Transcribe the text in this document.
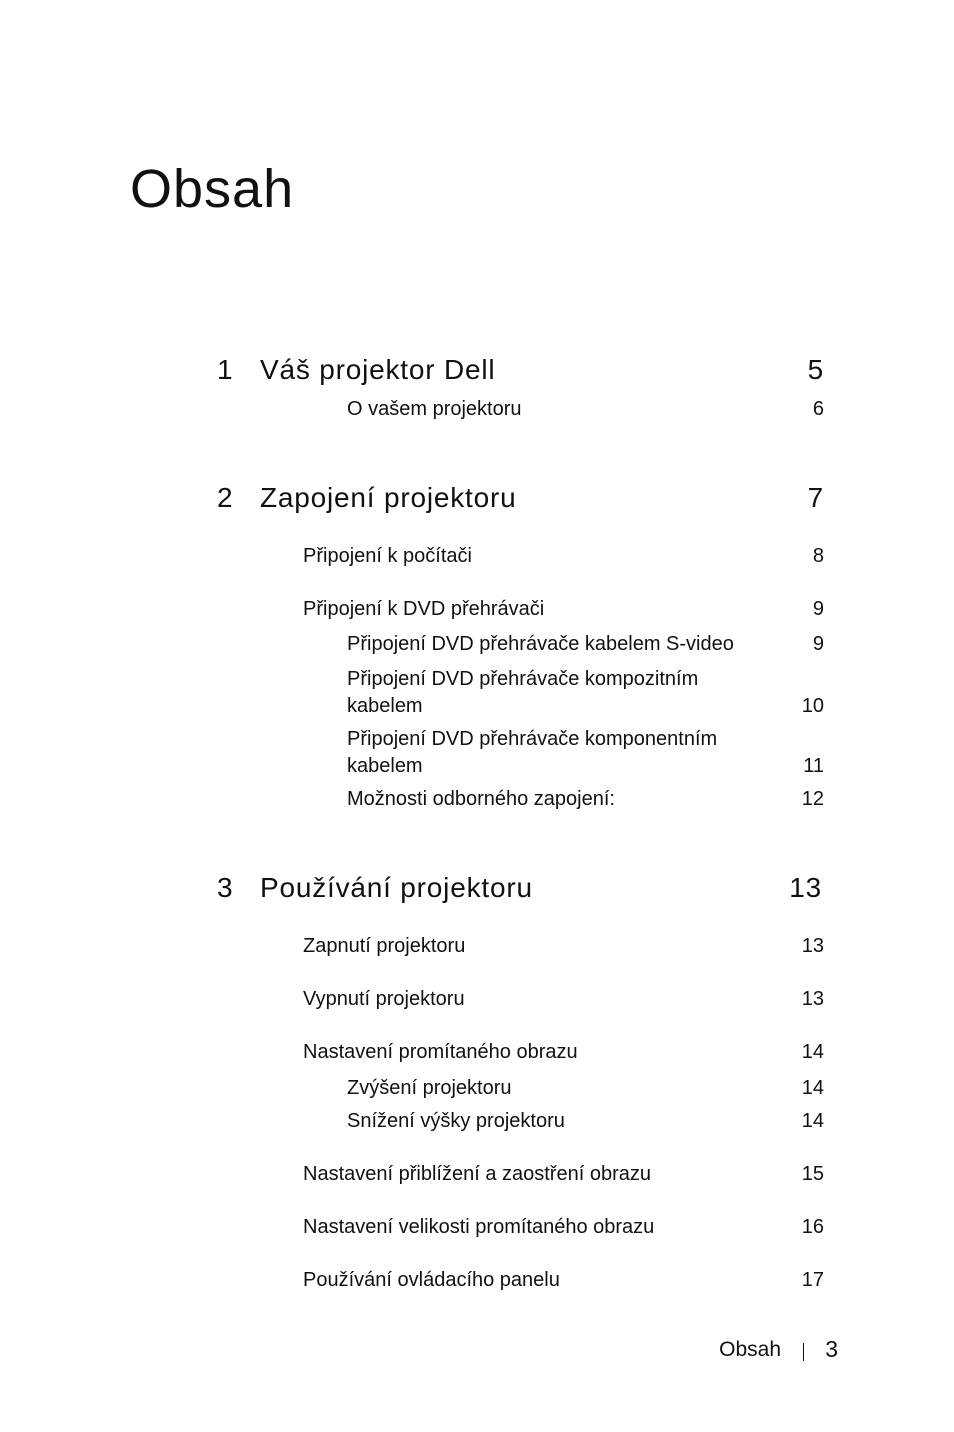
Obsah
1 Váš projektor Dell	5
O vašem projektoru	6
2 Zapojení projektoru	7
Připojení k počítači	8
Připojení k DVD přehrávači	9
Připojení DVD přehrávače kabelem S-video	9
Připojení DVD přehrávače kompozitním
kabelem	10
Připojení DVD přehrávače komponentním
kabelem	11
Možnosti odborného zapojení:	12
3 Používání projektoru	13
Zapnutí projektoru	13
Vypnutí projektoru	13
Nastavení promítaného obrazu	14
Zvýšení projektoru	14
Snížení výšky projektoru	14
Nastavení přiblížení a zaostření obrazu	15
Nastavení velikosti promítaného obrazu	16
Používání ovládacího panelu	17
Obsah 3
